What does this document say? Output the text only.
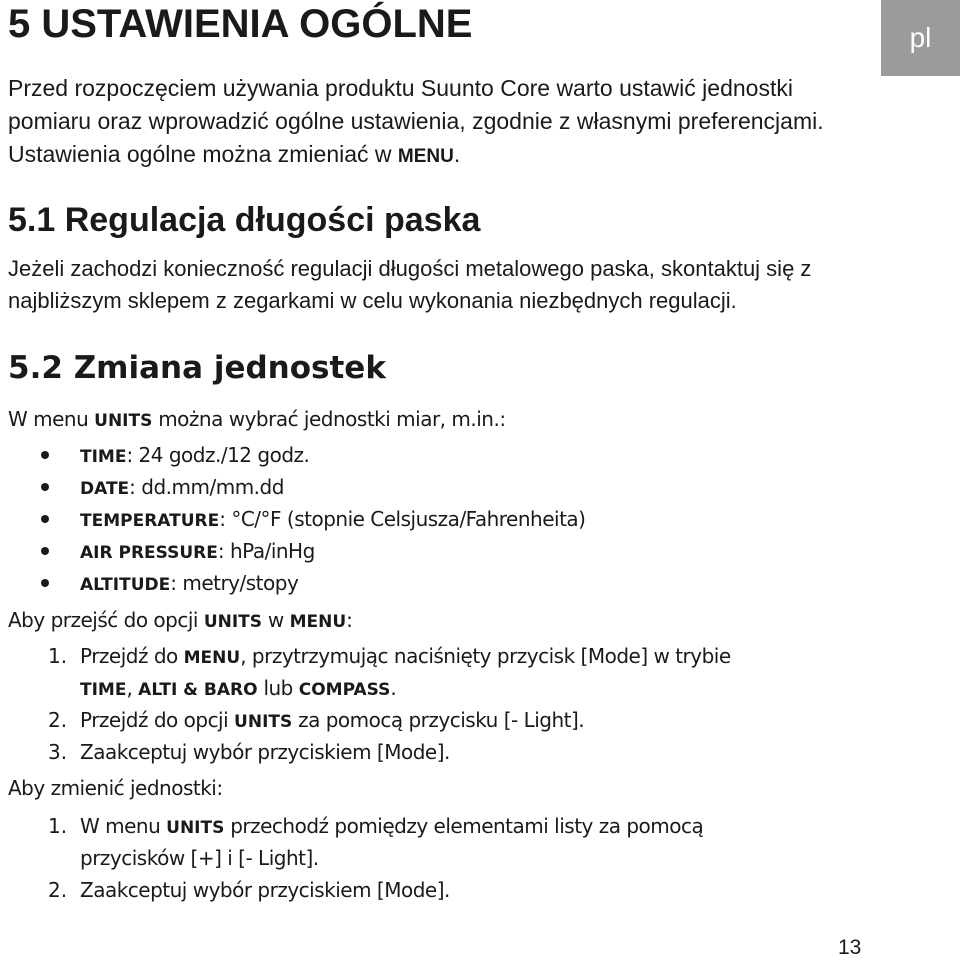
pl
5 USTAWIENIA OGÓLNE

Przed rozpoczęciem używania produktu Suunto Core warto ustawić jednostki pomiaru oraz wprowadzić ogólne ustawienia, zgodnie z własnymi preferencjami. Ustawienia ogólne można zmieniać w MENU.

5.1 Regulacja długości paska

Jeżeli zachodzi konieczność regulacji długości metalowego paska, skontaktuj się z najbliższym sklepem z zegarkami w celu wykonania niezbędnych regulacji.

5.2 Zmiana jednostek

W menu UNITS można wybrać jednostki miar, m.in.:

TIME: 24 godz./12 godz.

DATE: dd.mm/mm.dd

TEMPERATURE: °C/°F (stopnie Celsjusza/Fahrenheita)

AIR PRESSURE: hPa/inHg

ALTITUDE: metry/stopy

Aby przejść do opcji UNITS w MENU:

1. Przejdź do MENU, przytrzymując naciśnięty przycisk [Mode] w trybie

TIME, ALTI & BARO lub COMPASS.

2. Przejdź do opcji UNITS za pomocą przycisku [- Light].

3. Zaakceptuj wybór przyciskiem [Mode].

Aby zmienić jednostki:

1. W menu UNITS przechodź pomiędzy elementami listy za pomocą

przycisków [+] i [- Light].

2. Zaakceptuj wybór przyciskiem [Mode].

13
